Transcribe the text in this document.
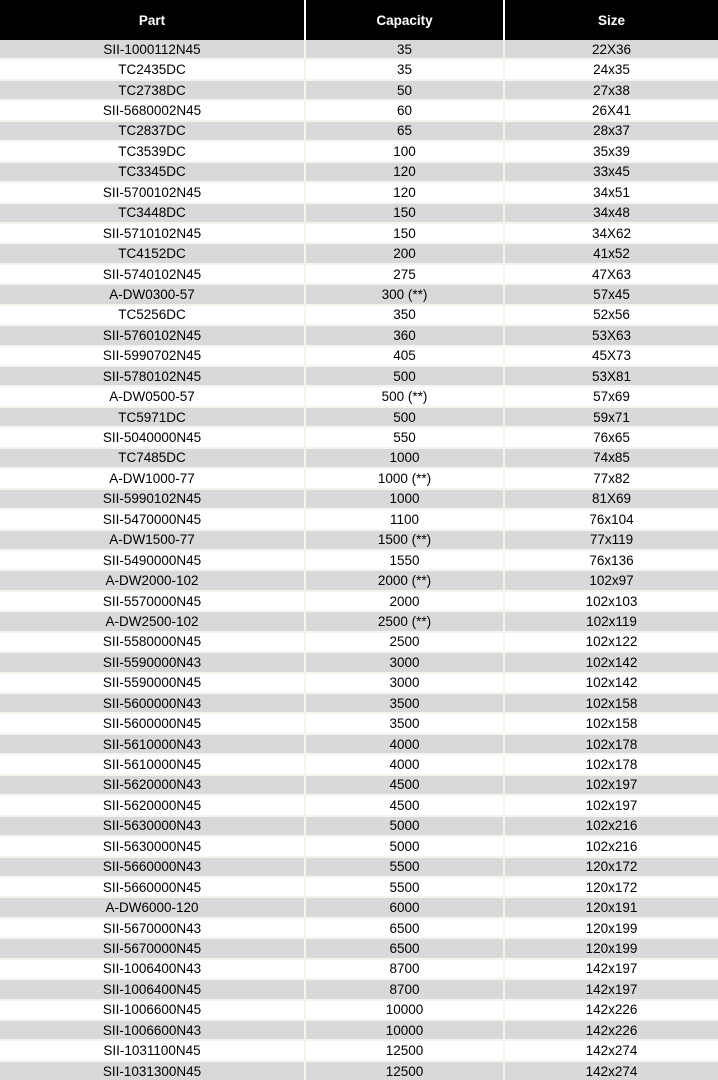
Part	Capacity	Size
SII-1000112N45	35	22X36
TC2435DC	35	24x35
TC2738DC	50	27x38
SII-5680002N45	60	26X41
TC2837DC	65	28x37
TC3539DC	100	35x39
TC3345DC	120	33x45
SII-5700102N45	120	34x51
TC3448DC	150	34x48
SII-5710102N45	150	34X62
TC4152DC	200	41x52
SII-5740102N45	275	47X63
A-DW0300-57	300 (**)	57x45
TC5256DC	350	52x56
SII-5760102N45	360	53X63
SII-5990702N45	405	45X73
SII-5780102N45	500	53X81
A-DW0500-57	500 (**)	57x69
TC5971DC	500	59x71
SII-5040000N45	550	76x65
TC7485DC	1000	74x85
A-DW1000-77	1000 (**)	77x82
SII-5990102N45	1000	81X69
SII-5470000N45	1100	76x104
A-DW1500-77	1500 (**)	77x119
SII-5490000N45	1550	76x136
A-DW2000-102	2000 (**)	102x97
SII-5570000N45	2000	102x103
A-DW2500-102	2500 (**)	102x119
SII-5580000N45	2500	102x122
SII-5590000N43	3000	102x142
SII-5590000N45	3000	102x142
SII-5600000N43	3500	102x158
SII-5600000N45	3500	102x158
SII-5610000N43	4000	102x178
SII-5610000N45	4000	102x178
SII-5620000N43	4500	102x197
SII-5620000N45	4500	102x197
SII-5630000N43	5000	102x216
SII-5630000N45	5000	102x216
SII-5660000N43	5500	120x172
SII-5660000N45	5500	120x172
A-DW6000-120	6000	120x191
SII-5670000N43	6500	120x199
SII-5670000N45	6500	120x199
SII-1006400N43	8700	142x197
SII-1006400N45	8700	142x197
SII-1006600N45	10000	142x226
SII-1006600N43	10000	142x226
SII-1031100N45	12500	142x274
SII-1031300N45	12500	142x274
